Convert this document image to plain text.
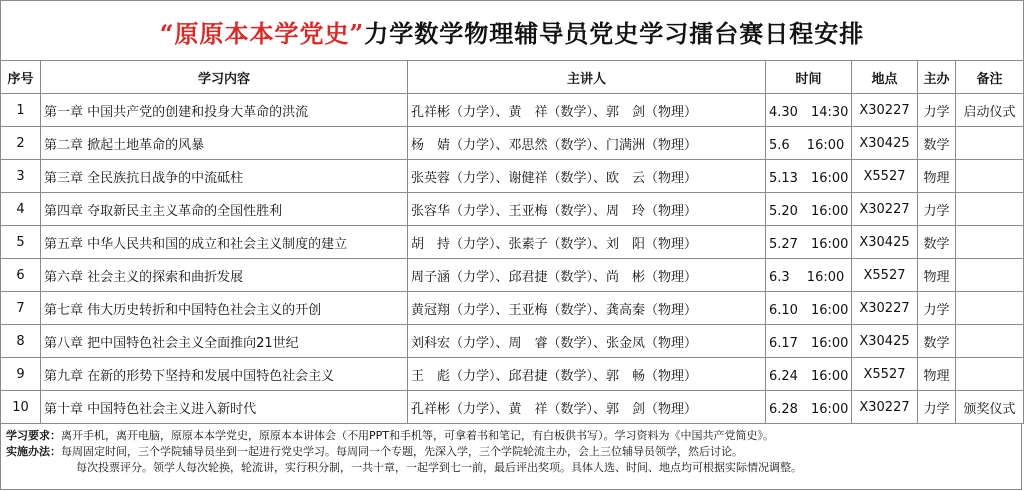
“原原本本学党史” 力学数学物理辅导员党史学习擂台赛日程安排
序号	学习内容	主讲人	时间	地点	主办	备注
1	第一章 中国共产党的创建和投身大革命的洪流	孔祥彬（力学）、黄　祥（数学）、郭　剑（物理）	4.30　14:30	X30227	力学	启动仪式
2	第二章 掀起土地革命的风暴	杨　婧（力学）、邓思然（数学）、门满洲（物理）	5.6　 16:00	X30425	数学	
3	第三章 全民族抗日战争的中流砥柱	张英蓉（力学）、谢健祥（数学）、欧　云（物理）	5.13　16:00	X5527	物理	
4	第四章 夺取新民主主义革命的全国性胜利	张容华（力学）、王亚梅（数学）、周　玲（物理）	5.20　16:00	X30227	力学	
5	第五章 中华人民共和国的成立和社会主义制度的建立	胡　持（力学）、张素子（数学）、刘　阳（物理）	5.27　16:00	X30425	数学	
6	第六章 社会主义的探索和曲折发展	周子涵（力学）、邱君捷（数学）、尚　彬（物理）	6.3　 16:00	X5527	物理	
7	第七章 伟大历史转折和中国特色社会主义的开创	黄冠翔（力学）、王亚梅（数学）、龚高秦（物理）	6.10　16:00	X30227	力学	
8	第八章 把中国特色社会主义全面推向21世纪	刘科宏（力学）、周　睿（数学）、张金凤（物理）	6.17　16:00	X30425	数学	
9	第九章 在新的形势下坚持和发展中国特色社会主义	王　彪（力学）、邱君捷（数学）、郭　畅（物理）	6.24　16:00	X5527	物理	
10	第十章 中国特色社会主义进入新时代	孔祥彬（力学）、黄　祥（数学）、郭　剑（物理）	6.28　16:00	X30227	力学	颁奖仪式
学习要求：离开手机，离开电脑，原原本本学党史，原原本本讲体会（不用PPT和手机等，可拿着书和笔记，有白板供书写）。学习资料为《中国共产党简史》。
实施办法：每周固定时间，三个学院辅导员坐到一起进行党史学习。每周同一个专题，先深入学，三个学院轮流主办，会上三位辅导员领学，然后讨论。
每次投票评分。领学人每次轮换，轮流讲，实行积分制，一共十章，一起学到七一前，最后评出奖项。具体人选、时间、地点均可根据实际情况调整。
